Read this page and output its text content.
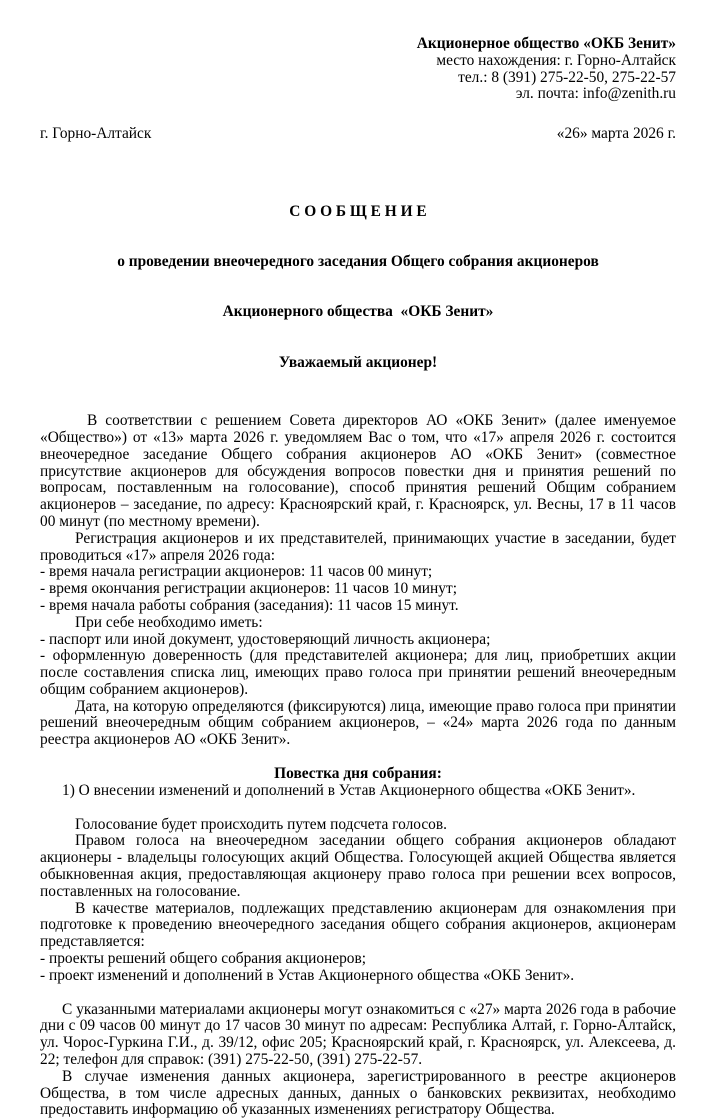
Акционерное общество «ОКБ Зенит»
место нахождения: г. Горно-Алтайск
тел.: 8 (391) 275-22-50, 275-22-57
эл. почта: info@zenith.ru
г. Горно-Алтайск	«26» марта 2026 г.

С О О Б Щ Е Н И Е

о проведении внеочередного заседания Общего собрания акционеров

Акционерного общества  «ОКБ Зенит»

Уважаемый акционер!

В соответствии с решением Совета директоров АО «ОКБ Зенит» (далее именуемое «Общество») от «13» марта 2026 г. уведомляем Вас о том, что «17» апреля 2026 г. состоится внеочередное заседание Общего собрания акционеров АО «ОКБ Зенит» (совместное присутствие акционеров для обсуждения вопросов повестки дня и принятия решений по вопросам, поставленным на голосование), способ принятия решений Общим собранием акционеров – заседание, по адресу: Красноярский край, г. Красноярск, ул. Весны, 17 в 11 часов 00 минут (по местному времени).

Регистрация акционеров и их представителей, принимающих участие в заседании, будет проводиться «17» апреля 2026 года:

- время начала регистрации акционеров: 11 часов 00 минут;

- время окончания регистрации акционеров: 11 часов 10 минут;

- время начала работы собрания (заседания): 11 часов 15 минут.

При себе необходимо иметь:

- паспорт или иной документ, удостоверяющий личность акционера;

- оформленную доверенность (для представителей акционера; для лиц, приобретших акции после составления списка лиц, имеющих право голоса при принятии решений внеочередным общим собранием акционеров).

Дата, на которую определяются (фиксируются) лица, имеющие право голоса при принятии решений внеочередным общим собранием акционеров, – «24» марта 2026 года по данным реестра акционеров АО «ОКБ Зенит».

Повестка дня собрания:

1) О внесении изменений и дополнений в Устав Акционерного общества «ОКБ Зенит».

Голосование будет происходить путем подсчета голосов.

Правом голоса на внеочередном заседании общего собрания акционеров обладают акционеры - владельцы голосующих акций Общества. Голосующей акцией Общества является обыкновенная акция, предоставляющая акционеру право голоса при решении всех вопросов, поставленных на голосование.

В качестве материалов, подлежащих представлению акционерам для ознакомления при подготовке к проведению внеочередного заседания общего собрания акционеров, акционерам представляется:

- проекты решений общего собрания акционеров;

- проект изменений и дополнений в Устав Акционерного общества «ОКБ Зенит».

С указанными материалами акционеры могут ознакомиться с «27» марта 2026 года в рабочие дни с 09 часов 00 минут до 17 часов 30 минут по адресам: Республика Алтай, г. Горно-Алтайск, ул. Чорос-Гуркина Г.И., д. 39/12, офис 205; Красноярский край, г. Красноярск, ул. Алексеева, д. 22; телефон для справок: (391) 275-22-50, (391) 275-22-57.

В случае изменения данных акционера, зарегистрированного в реестре акционеров Общества, в том числе адресных данных, данных о банковских реквизитах, необходимо предоставить информацию об указанных изменениях регистратору Общества.
